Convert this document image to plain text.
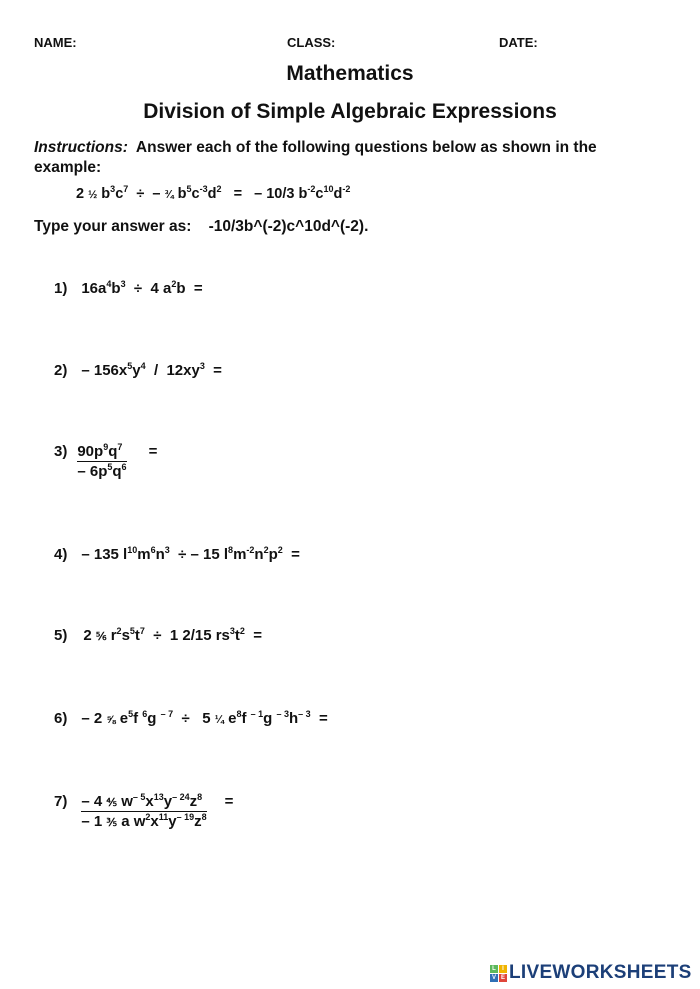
NAME:	CLASS:	DATE:
Mathematics
Division of Simple Algebraic Expressions
Instructions: Answer each of the following questions below as shown in the example:
2 ½ $b^3c^7$  ÷  – ¾ $b^5c^{-3}d^2$   =   – 10/3 $b^{-2}c^{10}d^{-2}$
Type your answer as: -10/3b^(-2)c^10d^(-2).
1) $16a^4b^3 \div 4$ $a^2b$  =
$2) - 156x^5y^4 / 12xy^3$  =
$3) \frac{90p^9q^7}{- 6p^5q^6}$ =
4) – 135 $l^{10}m^6n^3$  ÷ – 15 $l^8m^{-2}n^2p^2$  =
5) 2 ⅚ $r^2s^5t^7 \div 1$ 2/15 $rs^3t^2$  =
6) – 2 ⅝ $e^5f$ $^6$g $^{- 7}$  ÷   5 ¼ $e^8f$ $^{- 1}$g $^{- 3}h^{- 3}$  =
$7) \frac{- 4 \frac{4}{5} w^{- 5}x^{13}y^{- 24}z^8}{- 1 \frac{3}{5} a w^2x^{11}y^{- 19}z^8}$ =
L	I
V E LIVEWORKSHEETS
